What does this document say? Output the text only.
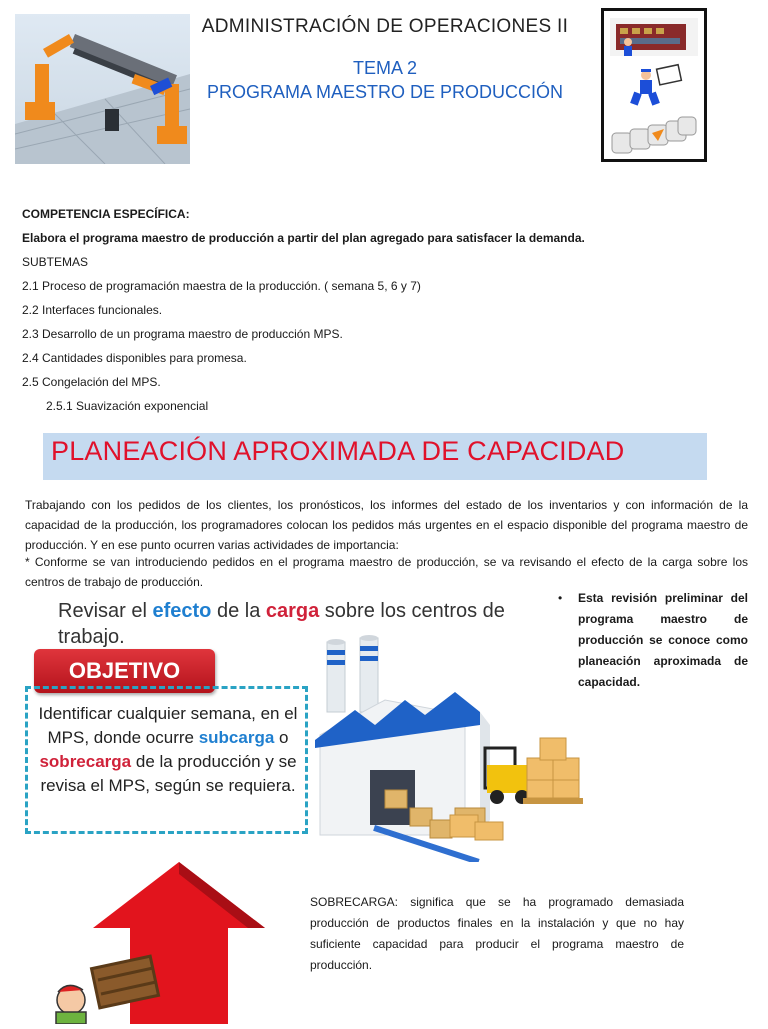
ADMINISTRACIÓN DE OPERACIONES II
TEMA 2
PROGRAMA MAESTRO DE PRODUCCIÓN
COMPETENCIA ESPECÍFICA:
Elabora el programa maestro de producción a partir del plan agregado para satisfacer la demanda.
SUBTEMAS
2.1 Proceso de programación maestra de la producción. ( semana 5, 6 y 7)
2.2 Interfaces funcionales.
2.3 Desarrollo de un programa maestro de producción MPS.
2.4 Cantidades disponibles para promesa.
2.5 Congelación del MPS.
2.5.1 Suavización exponencial
PLANEACIÓN APROXIMADA DE CAPACIDAD
Trabajando con los pedidos de los clientes, los pronósticos, los informes del estado de los inventarios y con información de la capacidad de la producción, los programadores colocan los pedidos más urgentes en el espacio disponible del programa maestro de producción. Y en ese punto ocurren varias actividades de importancia:
* Conforme se van introduciendo pedidos en el programa maestro de producción, se va revisando el efecto de la carga sobre los centros de trabajo de producción.
Revisar el efecto de la carga sobre los centros de trabajo.
• Esta revisión preliminar del programa maestro de producción se conoce como planeación aproximada de capacidad.
OBJETIVO
Identificar cualquier semana, en el MPS, donde ocurre subcarga o sobrecarga de la producción y se revisa el MPS, según se requiera.
SOBRECARGA: significa que se ha programado demasiada producción de productos finales en la instalación y que no hay suficiente capacidad para producir el programa maestro de producción.
